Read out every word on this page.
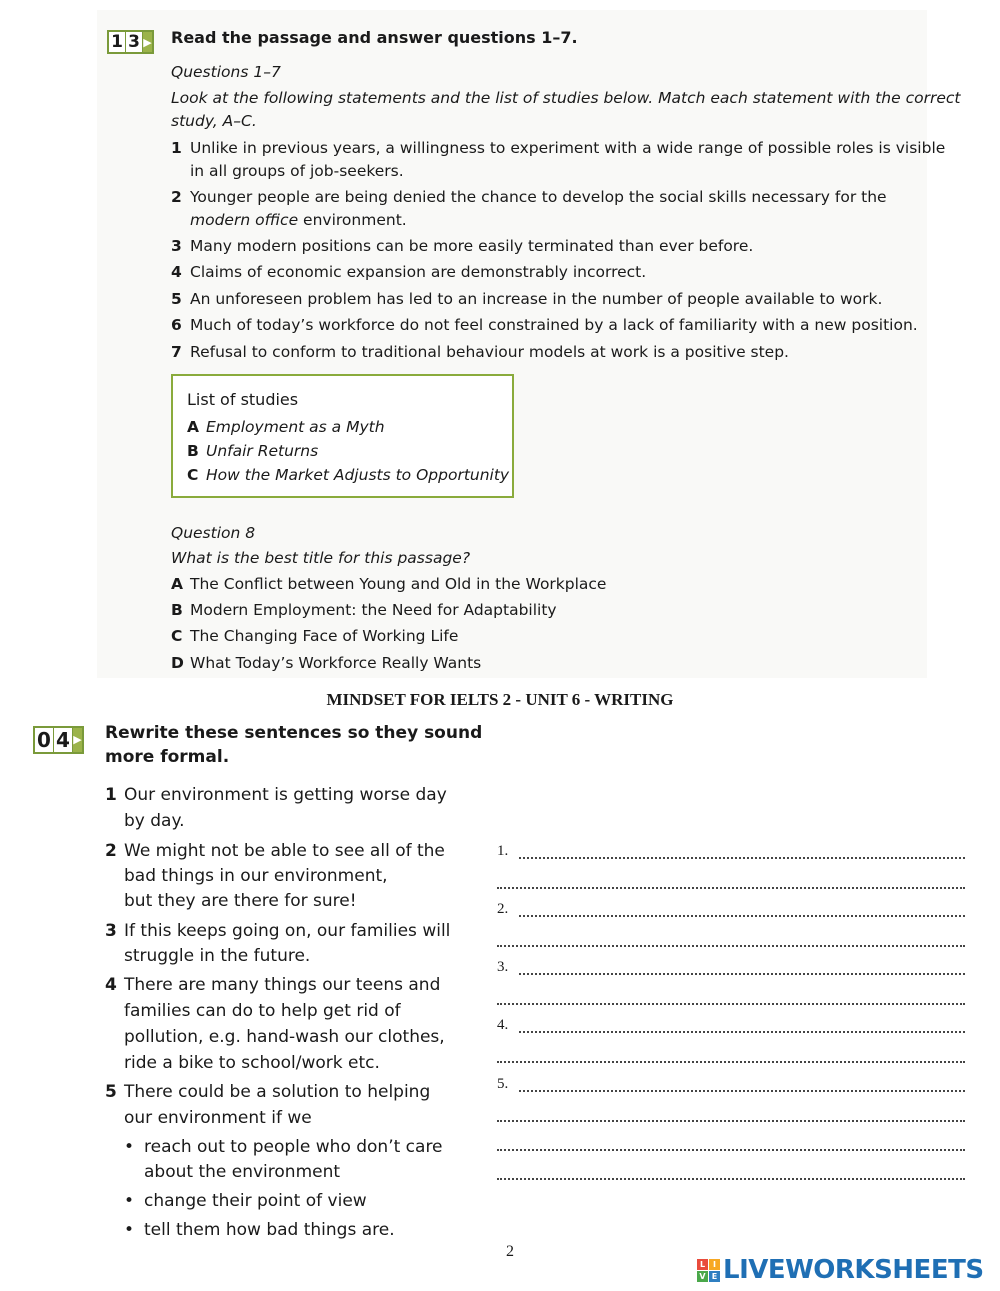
1 3 ▶ Read the passage and answer questions 1–7.
Questions 1–7
Look at the following statements and the list of studies below. Match each statement with the correct
study, A–C.
1 Unlike in previous years, a willingness to experiment with a wide range of possible roles is visible
in all groups of job-seekers.
2 Younger people are being denied the chance to develop the social skills necessary for the
modern office environment.
3 Many modern positions can be more easily terminated than ever before.
4 Claims of economic expansion are demonstrably incorrect.
5 An unforeseen problem has led to an increase in the number of people available to work.
6 Much of today’s workforce do not feel constrained by a lack of familiarity with a new position.
7 Refusal to conform to traditional behaviour models at work is a positive step.
List of studies
A Employment as a Myth
B Unfair Returns
C How the Market Adjusts to Opportunity
Question 8
What is the best title for this passage?
A The Conflict between Young and Old in the Workplace
B Modern Employment: the Need for Adaptability
C The Changing Face of Working Life
D What Today’s Workforce Really Wants
MINDSET FOR IELTS 2 - UNIT 6 - WRITING
0 4 ▶ Rewrite these sentences so they sound
more formal.
1 Our environment is getting worse day
by day.
2 We might not be able to see all of the
bad things in our environment,
but they are there for sure!
3 If this keeps going on, our families will
struggle in the future.
4 There are many things our teens and
families can do to help get rid of
pollution, e.g. hand-wash our clothes,
ride a bike to school/work etc.
5 There could be a solution to helping
our environment if we
• reach out to people who don’t care
about the environment
• change their point of view
• tell them how bad things are.
1.
2.
3.
4.
5.
2
L I
V E LIVEWORKSHEETS
